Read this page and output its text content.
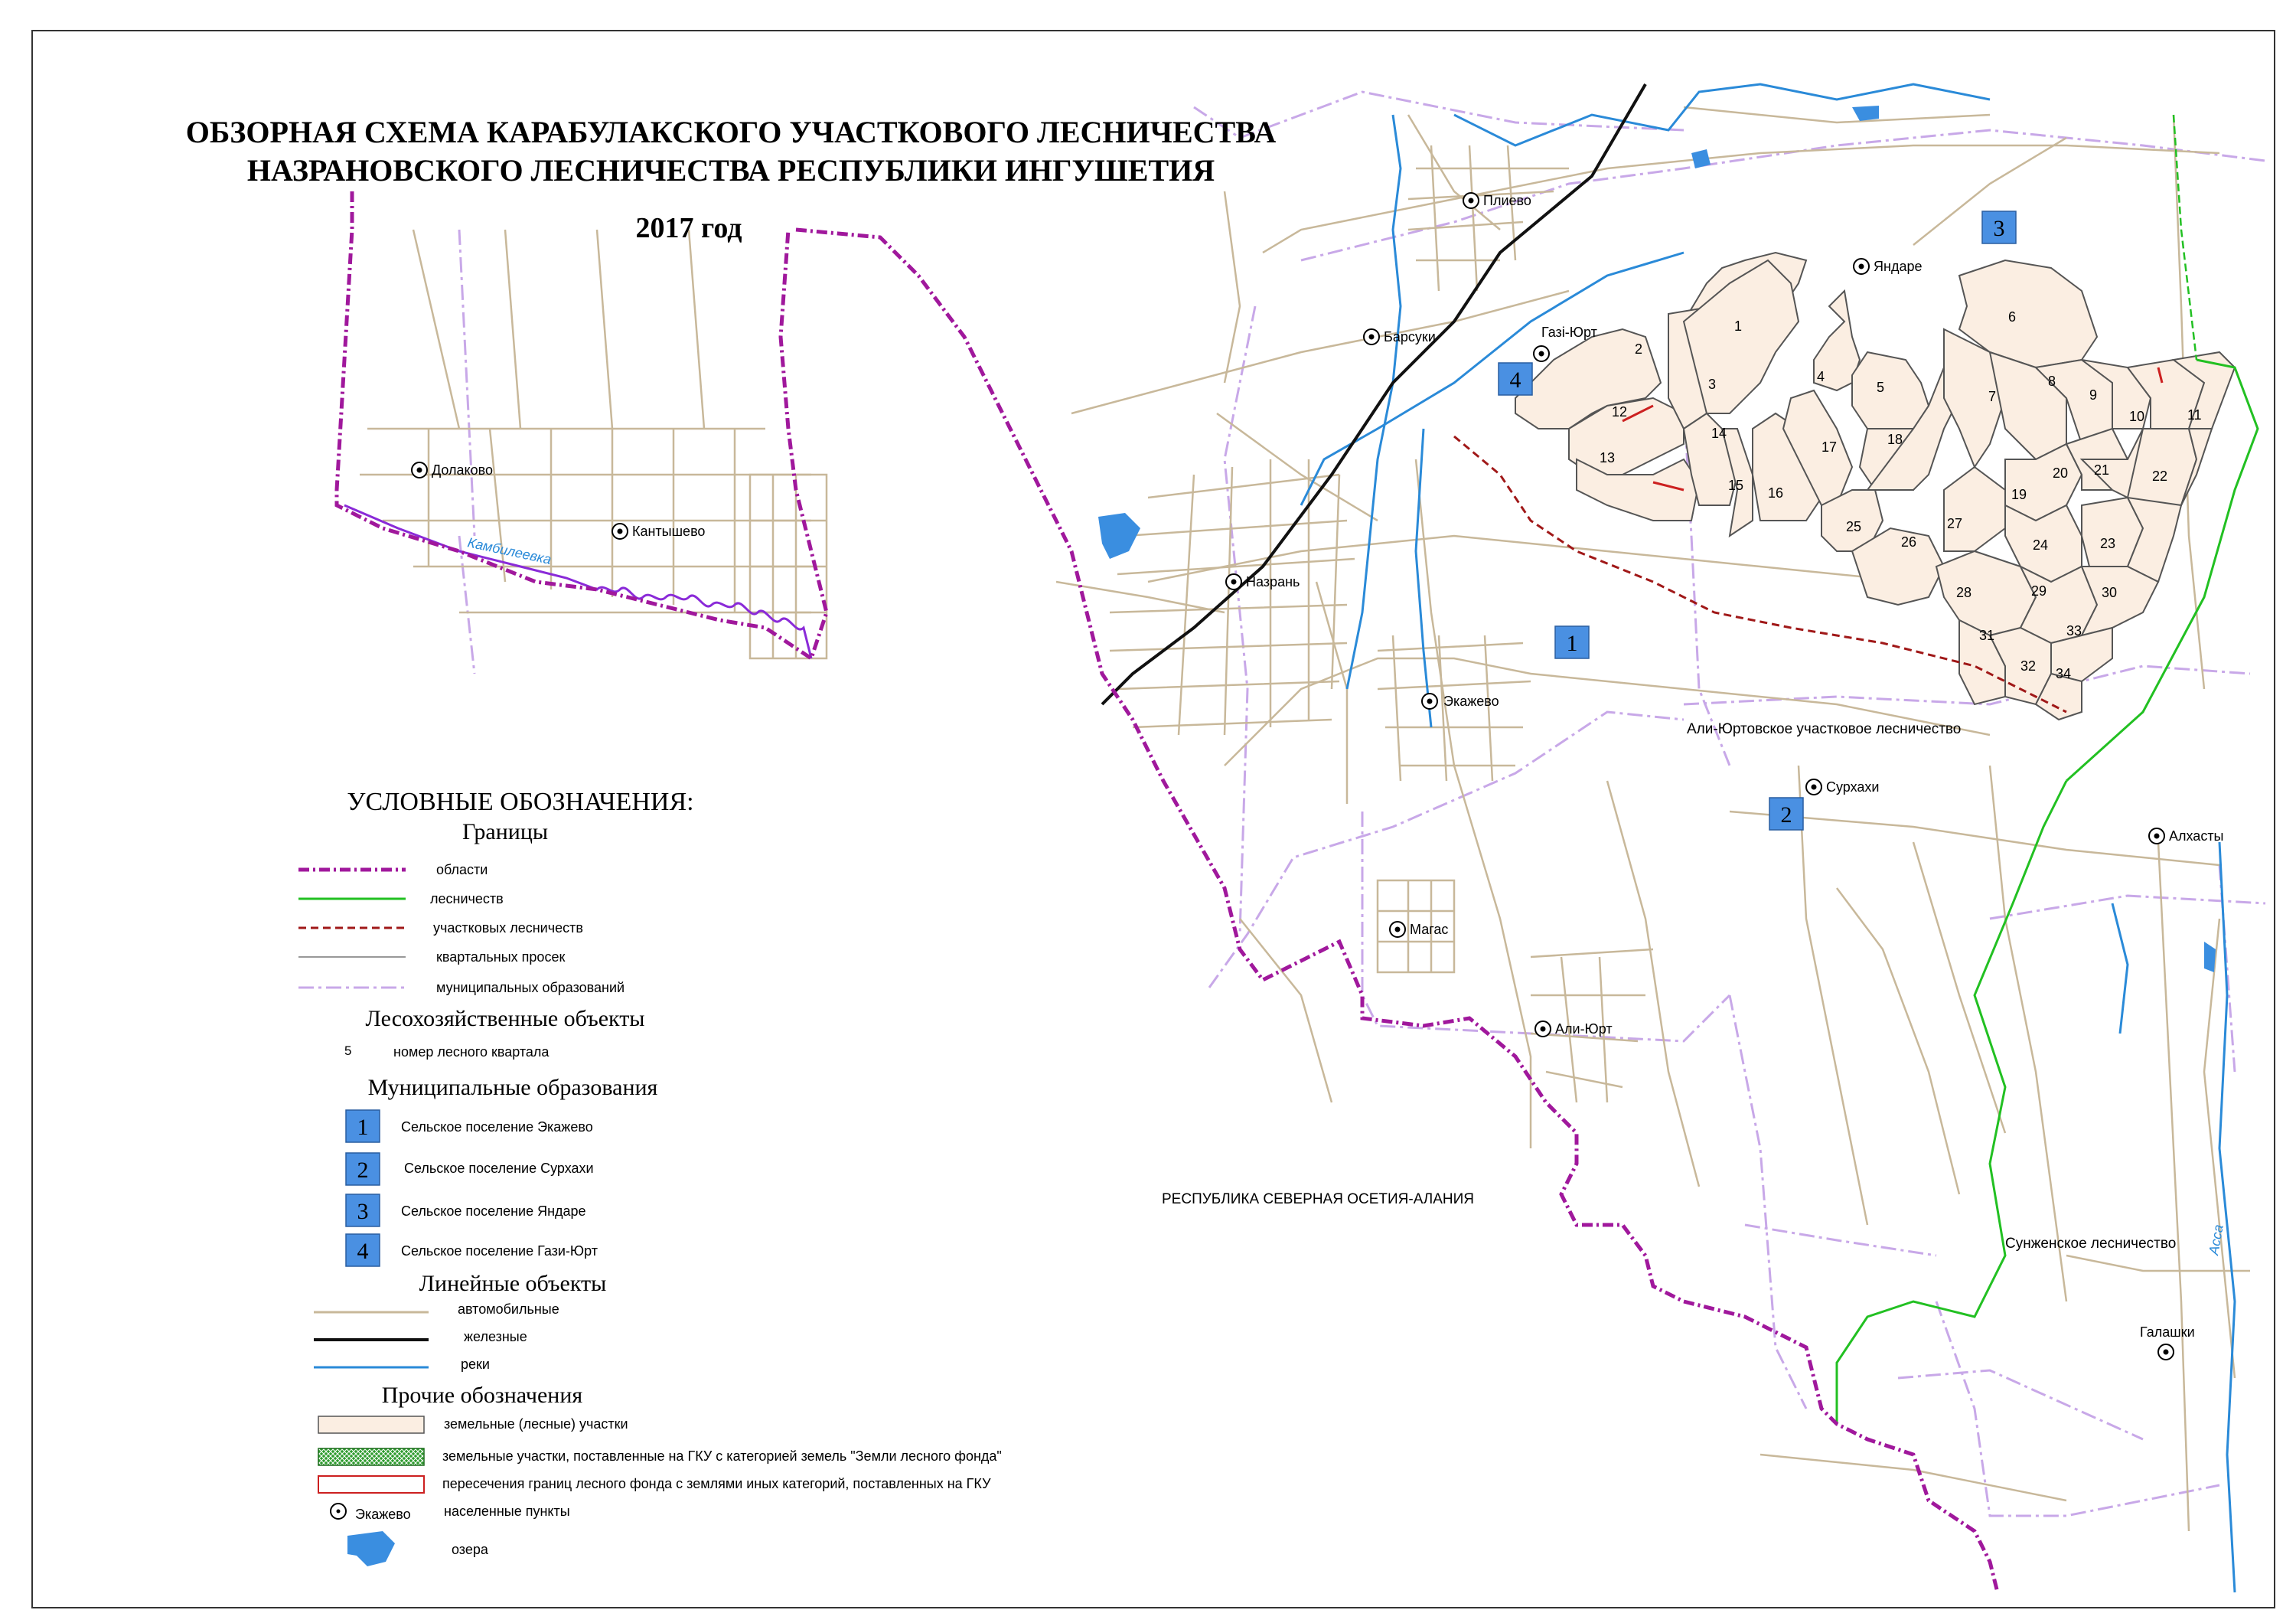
1
2
3	4
5
6
7
8
9
10	11
12
13
14
15 16
17	18
19
20 21	22
23
24
25
26
27
28	29	30
31
32
33
34
1
2
3
4
Плиево
Барсуки	Газі-Юрт
Яндаре
Назрань
Экажево
Сурхахи
Магас
Али-Юрт
Алхасты
Галашки
Долаково
Кантышево
Камбилеевка
Асса
Али-Юртовское участковое лесничество
Сунженское лесничество
РЕСПУБЛИКА СЕВЕРНАЯ ОСЕТИЯ-АЛАНИЯ
ОБЗОРНАЯ СХЕМА КАРАБУЛАКСКОГО УЧАСТКОВОГО ЛЕСНИЧЕСТВА
НАЗРАНОВСКОГО ЛЕСНИЧЕСТВА РЕСПУБЛИКИ ИНГУШЕТИЯ
2017 год
УСЛОВНЫЕ ОБОЗНАЧЕНИЯ:
Границы
Лесохозяйственные объекты
Муниципальные образования
Линейные объекты
Прочие обозначения
области
лесничеств
участковых лесничеств
квартальных просек
муниципальных образований
5	номер лесного квартала
1 Сельское поселение Экажево
2	Сельское поселение Сурхахи
3 Сельское поселение Яндаре
4 Сельское поселение Гази-Юрт
автомобильные
железные
реки
земельные (лесные) участки
земельные участки, поставленные на ГКУ с категорией земель "Земли лесного фонда"
пересечения границ лесного фонда с землями иных категорий, поставленных на ГКУ
Экажево населенные пункты
озера
